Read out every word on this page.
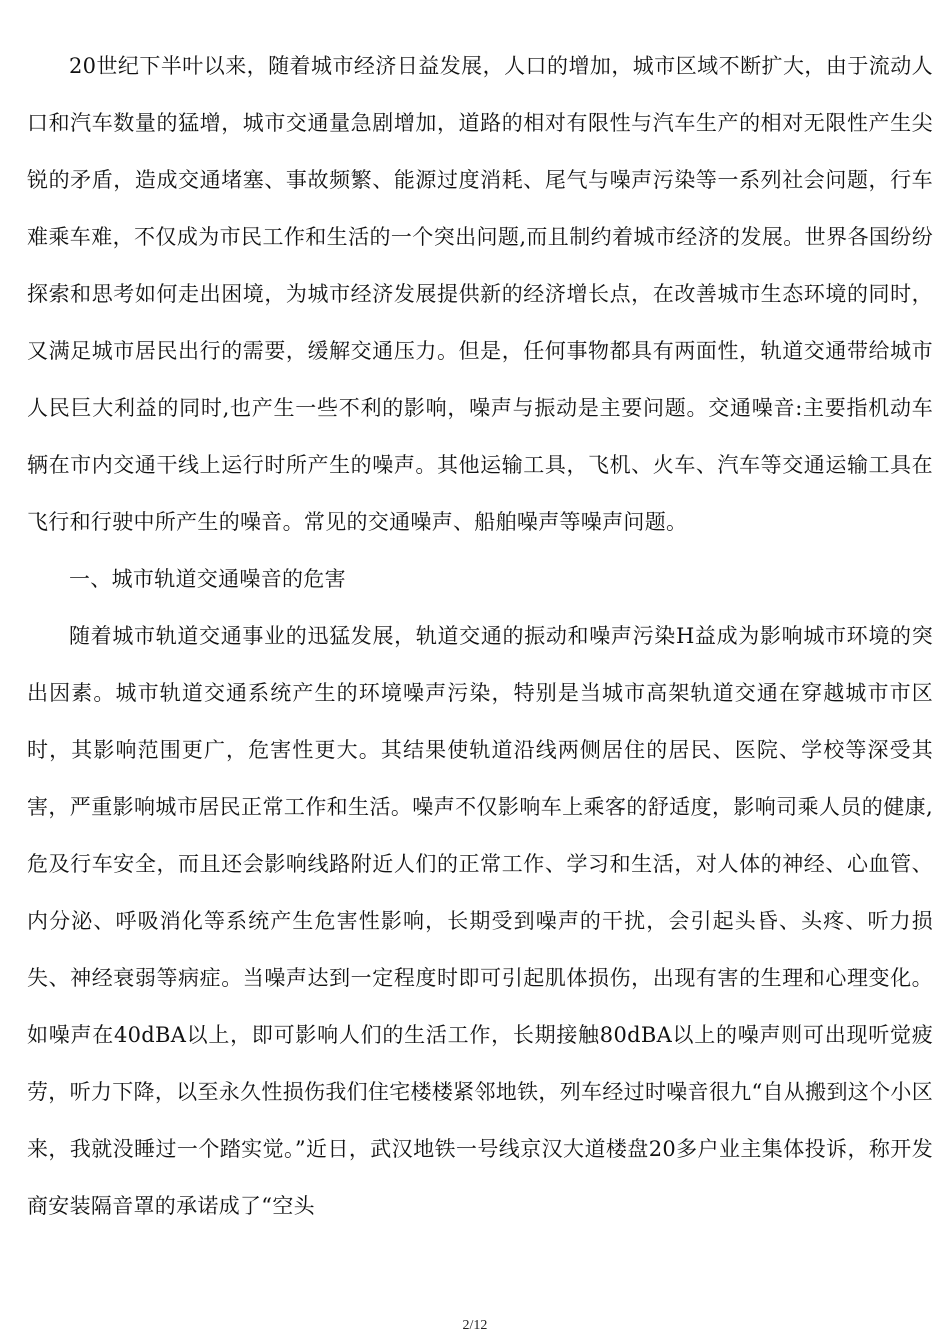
20世纪下半叶以来，随着城市经济日益发展，人口的增加，城市区域不断扩大，由于流动人口和汽车数量的猛增，城市交通量急剧增加，道路的相对有限性与汽车生产的相对无限性产生尖锐的矛盾，造成交通堵塞、事故频繁、能源过度消耗、尾气与噪声污染等一系列社会问题，行车难乘车难，不仅成为市民工作和生活的一个突出问题,而且制约着城市经济的发展。世界各国纷纷探索和思考如何走出困境，为城市经济发展提供新的经济增长点，在改善城市生态环境的同时，又满足城市居民出行的需要，缓解交通压力。但是，任何事物都具有两面性，轨道交通带给城市人民巨大利益的同时,也产生一些不利的影响，噪声与振动是主要问题。交通噪音:主要指机动车辆在市内交通干线上运行时所产生的噪声。其他运输工具，飞机、火车、汽车等交通运输工具在飞行和行驶中所产生的噪音。常见的交通噪声、船舶噪声等噪声问题。

一、城市轨道交通噪音的危害

随着城市轨道交通事业的迅猛发展，轨道交通的振动和噪声污染H益成为影响城市环境的突出因素。城市轨道交通系统产生的环境噪声污染，特别是当城市高架轨道交通在穿越城市市区时，其影响范围更广，危害性更大。其结果使轨道沿线两侧居住的居民、医院、学校等深受其害，严重影响城市居民正常工作和生活。噪声不仅影响车上乘客的舒适度，影响司乘人员的健康,危及行车安全，而且还会影响线路附近人们的正常工作、学习和生活，对人体的神经、心血管、内分泌、呼吸消化等系统产生危害性影响，长期受到噪声的干扰，会引起头昏、头疼、听力损失、神经衰弱等病症。当噪声达到一定程度时即可引起肌体损伤，出现有害的生理和心理变化。如噪声在40dBA以上，即可影响人们的生活工作，长期接触80dBA以上的噪声则可出现听觉疲劳，听力下降，以至永久性损伤我们住宅楼楼紧邻地铁，列车经过时噪音很九“自从搬到这个小区来，我就没睡过一个踏实觉。”近日，武汉地铁一号线京汉大道楼盘20多户业主集体投诉，称开发商安装隔音罩的承诺成了“空头

2/12
